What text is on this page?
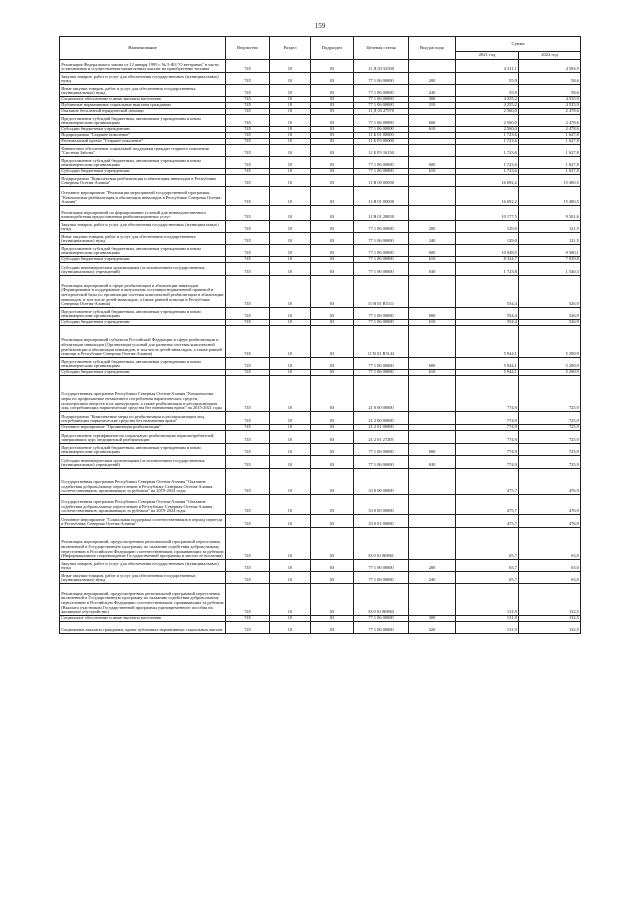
159
Наименование	Ведомство	Раздел	Подраздел	Целевая статья	Вид расхода	Сумма	
						2021 год	2022 год
Реализация Федерального закона от 12 января 1995 г. № 5-ФЗ "О ветеранах" в части установления и осуществления ежемесячных выплат на приобретение топлива	745	10	03	11 Д 03 52500		4 311,1	4 594,5
Закупка товаров, работ и услуг для обеспечения государственных (муниципальных) нужд	745	10	03	77 1 06 00000	200	55,9	58,6
Иные закупки товаров, работ и услуг для обеспечения государственных (муниципальных) нужд	745	10	03	77 1 06 00000	240	55,9	58,6
Социальное обеспечение и иные выплаты населению	745	10	03	77 1 06 00000	300	4 255,2	4 535,9
Публичные нормативные социальные выплаты гражданам	745	10	03	77 1 06 00000	310	4 255,2	4 535,9
Оказание бесплатной юридической помощи	745	10	03	11 Д 03 27970		2 560,0	2 478,6
Предоставление субсидий бюджетным, автономным учреждениям и иным некоммерческим организациям	745	10	03	77 1 06 00000	600	2 560,0	2 478,6
Субсидии бюджетным учреждениям	745	10	03	77 1 06 00000	610	2 560,0	2 478,6
Подпрограмма "Старшее поколение"	745	10	03	11 Б 01 00000		1 723,6	1 627,8
Региональный проект "Старшее поколение"	745	10	03	11 Б P3 00000		1 723,6	1 627,8
Финансовое обеспечение социальной поддержки граждан старшего поколения "Система Заботы"	745	10	03	11 Б P3 16150		1 723,6	1 627,8
Предоставление субсидий бюджетным, автономным учреждениям и иным некоммерческим организациям	745	10	03	77 1 06 00000	600	1 723,6	1 627,8
Субсидии бюджетным учреждениям	745	10	03	77 1 06 00000	610	1 723,6	1 627,8
Подпрограмма "Комплексная реабилитация и абилитация инвалидов в Республике Северная Осетия-Алания"	745	10	03	11 В 00 00000		16 692,2	15 480,5
Основное мероприятие "Реализация мероприятий государственной программы "Комплексная реабилитация и абилитация инвалидов в Республике Северная Осетия-Алания"	745	10	03	11 В 01 00000		16 692,2	15 480,5
Реализация мероприятий по формированию условий для межведомственного взаимодействия предоставления реабилитационных услуг	745	10	03	11 В 01 28850		10 177,5	9 501,6
Закупка товаров, работ и услуг для обеспечения государственных (муниципальных) нужд	745	10	03	77 1 06 00000	200	129,0	121,5
Иные закупки товаров, работ и услуг для обеспечения государственных (муниципальных) нужд	745	10	03	77 1 06 00000	240	129,0	121,5
Предоставление субсидий бюджетным, автономным учреждениям и иным некоммерческим организациям	745	10	03	77 1 06 00000	600	10 048,5	9 380,1
Субсидии бюджетным учреждениям	745	10	03	77 1 06 00000	610	8 324,7	7 839,8
Субсидии некоммерческим организациям (за исключением государственных (муниципальных) учреждений)	745	10	03	77 1 06 00000	630	1 723,8	1 540,3
Реализация мероприятий в сфере реабилитации и абилитации инвалидов (Формирование и поддержание в актуальном состоянии нормативной правовой и методической базы по организации системы комплексной реабилитации и абилитации инвалидов, в том числе детей-инвалидов, а также ранней помощи в Республике Северная Осетия-Алания)	745	10	03	11 В 01 R5111		554,4	526,9
Предоставление субсидий бюджетным, автономным учреждениям и иным некоммерческим организациям	745	10	03	77 1 06 00000	600	554,4	526,9
Субсидии бюджетным учреждениям	745	10	03	77 1 06 00000	610	554,4	526,9
Реализация мероприятий субъектов Российской Федерации в сфере реабилитации и абилитации инвалидов (Организация условий для развития системы комплексной реабилитации и абилитации инвалидов, в том числе детей-инвалидов, а также ранней помощи в Республике Северная Осетия-Алания)	745	10	03	11 В 01 R5142		5 944,1	5 290,9
Предоставление субсидий бюджетным, автономным учреждениям и иным некоммерческим организациям	745	10	03	77 1 06 00000	600	5 944,1	5 290,9
Субсидии бюджетным учреждениям	745	10	03	77 1 06 00000	610	5 944,1	5 290,9
Государственная программа Республики Северная Осетия-Алания "Комплексные меры по профилактике незаконного потребления наркотических средств, психотропных веществ и их прекурсоров, а также реабилитации и ресоциализации лиц, потребляющих наркотические средства без назначения врача" на 2015-2021 годы	745	10	03	21 0 00 00000		774,9	725,9
Подпрограмма "Комплексные меры по реабилитации и ресоциализации лиц, потребляющих наркотические средства без назначения врача"	745	10	03	21 2 00 00000		774,9	725,9
Основное мероприятие "Организация реабилитации"	745	10	03	21 2 01 00000		774,9	725,9
Предоставление сертификатов на социальную реабилитацию наркопотребителей, завершивших курс медицинской реабилитации	745	10	03	21 2 01 27205		774,9	725,9
Предоставление субсидий бюджетным, автономным учреждениям и иным некоммерческим организациям	745	10	03	77 1 06 00000	600	774,9	725,9
Субсидии некоммерческим организациям (за исключением государственных (муниципальных) учреждений)	745	10	03	77 1 06 00000	630	774,9	725,9
Государственная программа Республики Северная Осетия-Алания "Оказание содействия добровольному переселению в Республику Северная Осетия-Алания соотечественников, проживающих за рубежом" на 2019-2024 годы	745	10	03	33 0 00 00000		475,7	476,9
Государственная программа Республики Северная Осетия-Алания "Оказание содействия добровольному переселению в Республику Северная Осетия-Алания соотечественников, проживающих за рубежом" на 2019-2024 годы	745	10	03	33 0 00 00000		475,7	476,9
Основное мероприятие "Социальная поддержка соотечественников в период переезда в Республику Северная Осетия-Алания"	745	10	03	33 0 01 00000		475,7	476,9
Реализация мероприятий, предусмотренных региональной программой переселения, включенной в Государственную программу по оказанию содействия добровольному переселению в Российскую Федерацию соотечественников, проживающих за рубежом (Информационное сопровождение Государственной программы в местах ее вселения)	745	10	03	33 0 01 R0861		65,7	65,0
Закупка товаров, работ и услуг для обеспечения государственных (муниципальных) нужд	745	10	03	77 1 06 00000	200	65,7	65,0
Иные закупки товаров, работ и услуг для обеспечения государственных (муниципальных) нужд	745	10	03	77 1 06 00000	240	65,7	65,0
Реализация мероприятий, предусмотренных региональной программой переселения, включенной в Государственную программу по оказанию содействия добровольному переселению в Российскую Федерацию соотечественников, проживающих за рубежом (Выплата участникам Государственной программы единовременного пособия на жилищное обустройство)	745	10	03	33 0 01 R0863		131,9	132,5
Социальное обеспечение и иные выплаты населению	745	10	03	77 1 06 00000	300	131,9	132,5
Социальные выплаты гражданам, кроме публичных нормативных социальных выплат	745	10	03	77 1 06 00000	320	131,9	132,5
